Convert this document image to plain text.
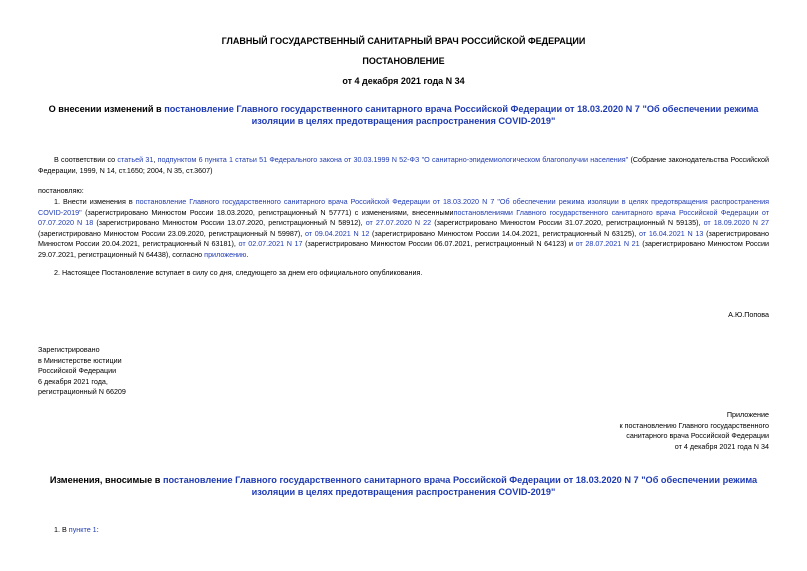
ГЛАВНЫЙ ГОСУДАРСТВЕННЫЙ САНИТАРНЫЙ ВРАЧ РОССИЙСКОЙ ФЕДЕРАЦИИ
ПОСТАНОВЛЕНИЕ
от 4 декабря 2021 года N 34
О внесении изменений в постановление Главного государственного санитарного врача Российской Федерации от 18.03.2020 N 7 "Об обеспечении режима изоляции в целях предотвращения распространения COVID-2019"
В соответствии со статьей 31, подпунктом 6 пункта 1 статьи 51 Федерального закона от 30.03.1999 N 52-ФЗ "О санитарно-эпидемиологическом благополучии населения" (Собрание законодательства Российской Федерации, 1999, N 14, ст.1650; 2004, N 35, ст.3607)
постановляю:
1. Внести изменения в постановление Главного государственного санитарного врача Российской Федерации от 18.03.2020 N 7 "Об обеспечении режима изоляции в целях предотвращения распространения COVID-2019" (зарегистрировано Минюстом России 18.03.2020, регистрационный N 57771) с изменениями, внесеннымипостановлениями Главного государственного санитарного врача Российской Федерации от 07.07.2020 N 18 (зарегистрировано Минюстом России 13.07.2020, регистрационный N 58912), от 27.07.2020 N 22 (зарегистрировано Минюстом России 31.07.2020, регистрационный N 59135), от 18.09.2020 N 27 (зарегистрировано Минюстом России 23.09.2020, регистрационный N 59987), от 09.04.2021 N 12 (зарегистрировано Минюстом России 14.04.2021, регистрационный N 63125), от 16.04.2021 N 13 (зарегистрировано Минюстом России 20.04.2021, регистрационный N 63181), от 02.07.2021 N 17 (зарегистрировано Минюстом России 06.07.2021, регистрационный N 64123) и от 28.07.2021 N 21 (зарегистрировано Минюстом России 29.07.2021, регистрационный N 64438), согласно приложению.
2. Настоящее Постановление вступает в силу со дня, следующего за днем его официального опубликования.
А.Ю.Попова
Зарегистрировано
в Министерстве юстиции
Российской Федерации
6 декабря 2021 года,
регистрационный N 66209
Приложение
к постановлению Главного государственного
санитарного врача Российской Федерации
от 4 декабря 2021 года N 34
Изменения, вносимые в постановление Главного государственного санитарного врача Российской Федерации от 18.03.2020 N 7 "Об обеспечении режима изоляции в целях предотвращения распространения COVID-2019"
1. В пункте 1:
